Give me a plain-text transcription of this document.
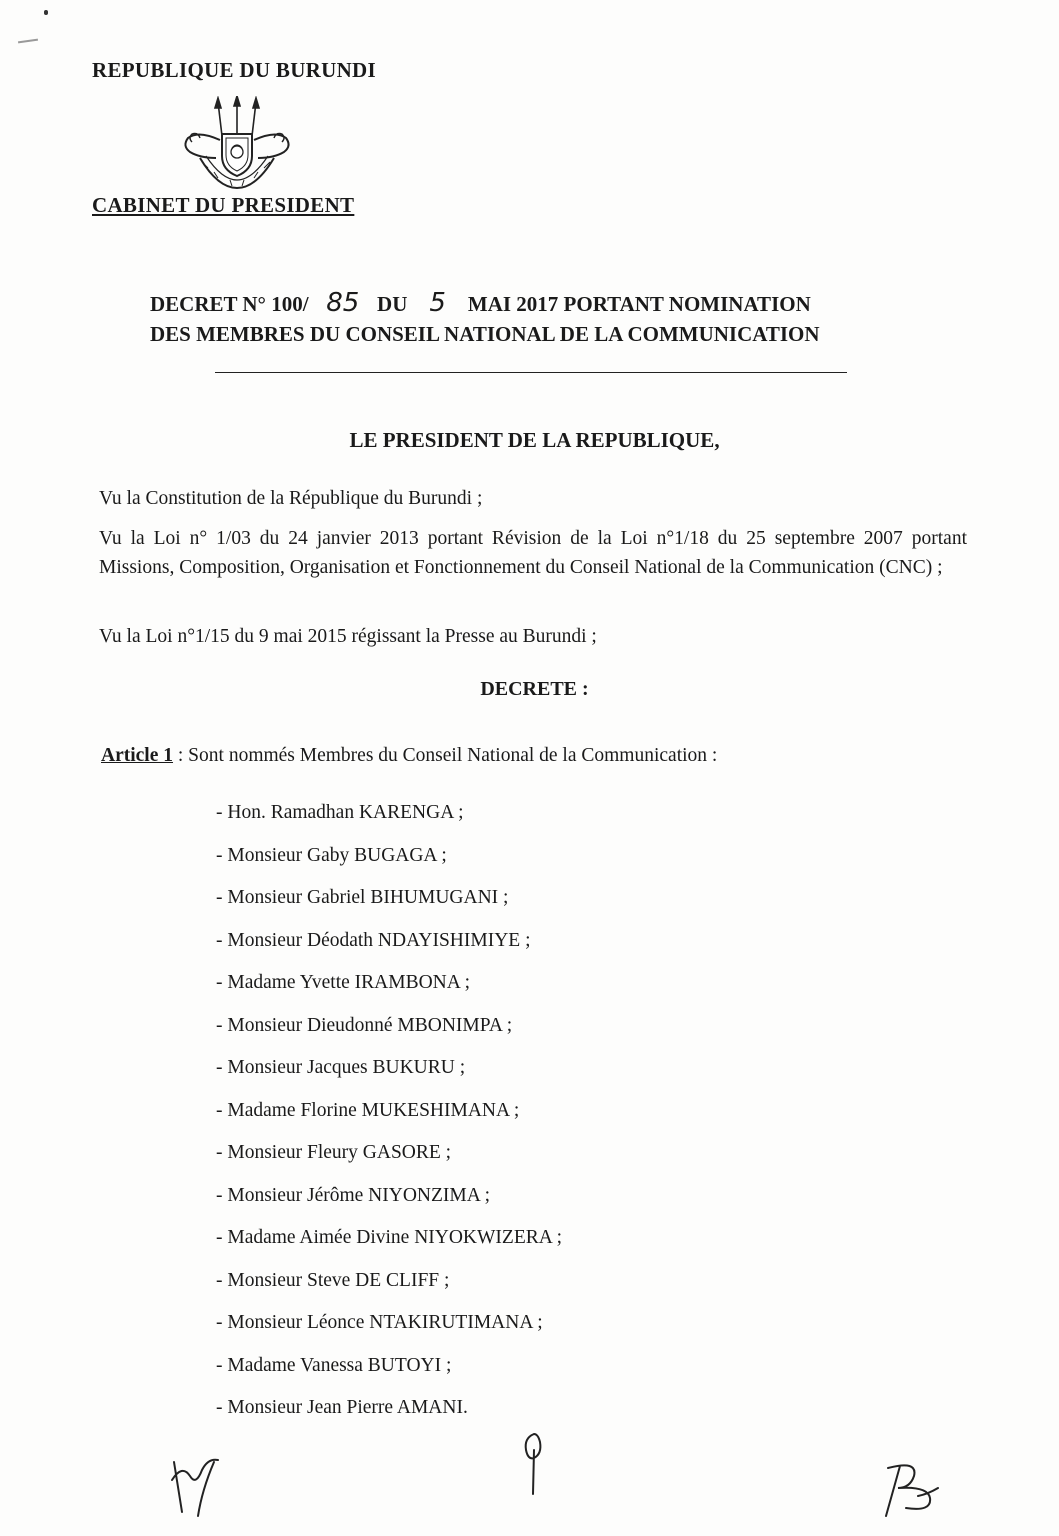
REPUBLIQUE DU BURUNDI
CABINET DU PRESIDENT
DECRET N° 100/ 85 DU 5 MAI 2017 PORTANT NOMINATION
DES MEMBRES DU CONSEIL NATIONAL DE LA COMMUNICATION
LE PRESIDENT DE LA REPUBLIQUE,
Vu la Constitution de la République du Burundi ;
Vu la Loi n° 1/03 du 24 janvier 2013 portant Révision de la Loi n°1/18 du 25 septembre 2007 portant Missions, Composition, Organisation et Fonctionnement du Conseil National de la Communication (CNC) ;
Vu la Loi n°1/15 du 9 mai 2015 régissant la Presse au Burundi ;
DECRETE :
Article 1 : Sont nommés Membres du Conseil National de la Communication :
- Hon. Ramadhan KARENGA ;
- Monsieur Gaby BUGAGA ;
- Monsieur Gabriel BIHUMUGANI ;
- Monsieur Déodath NDAYISHIMIYE ;
- Madame Yvette IRAMBONA ;
- Monsieur Dieudonné MBONIMPA ;
- Monsieur Jacques BUKURU ;
- Madame Florine MUKESHIMANA ;
- Monsieur Fleury GASORE ;
- Monsieur Jérôme NIYONZIMA ;
- Madame Aimée Divine NIYOKWIZERA ;
- Monsieur Steve DE CLIFF ;
- Monsieur Léonce NTAKIRUTIMANA ;
- Madame Vanessa BUTOYI ;
- Monsieur Jean Pierre AMANI.
